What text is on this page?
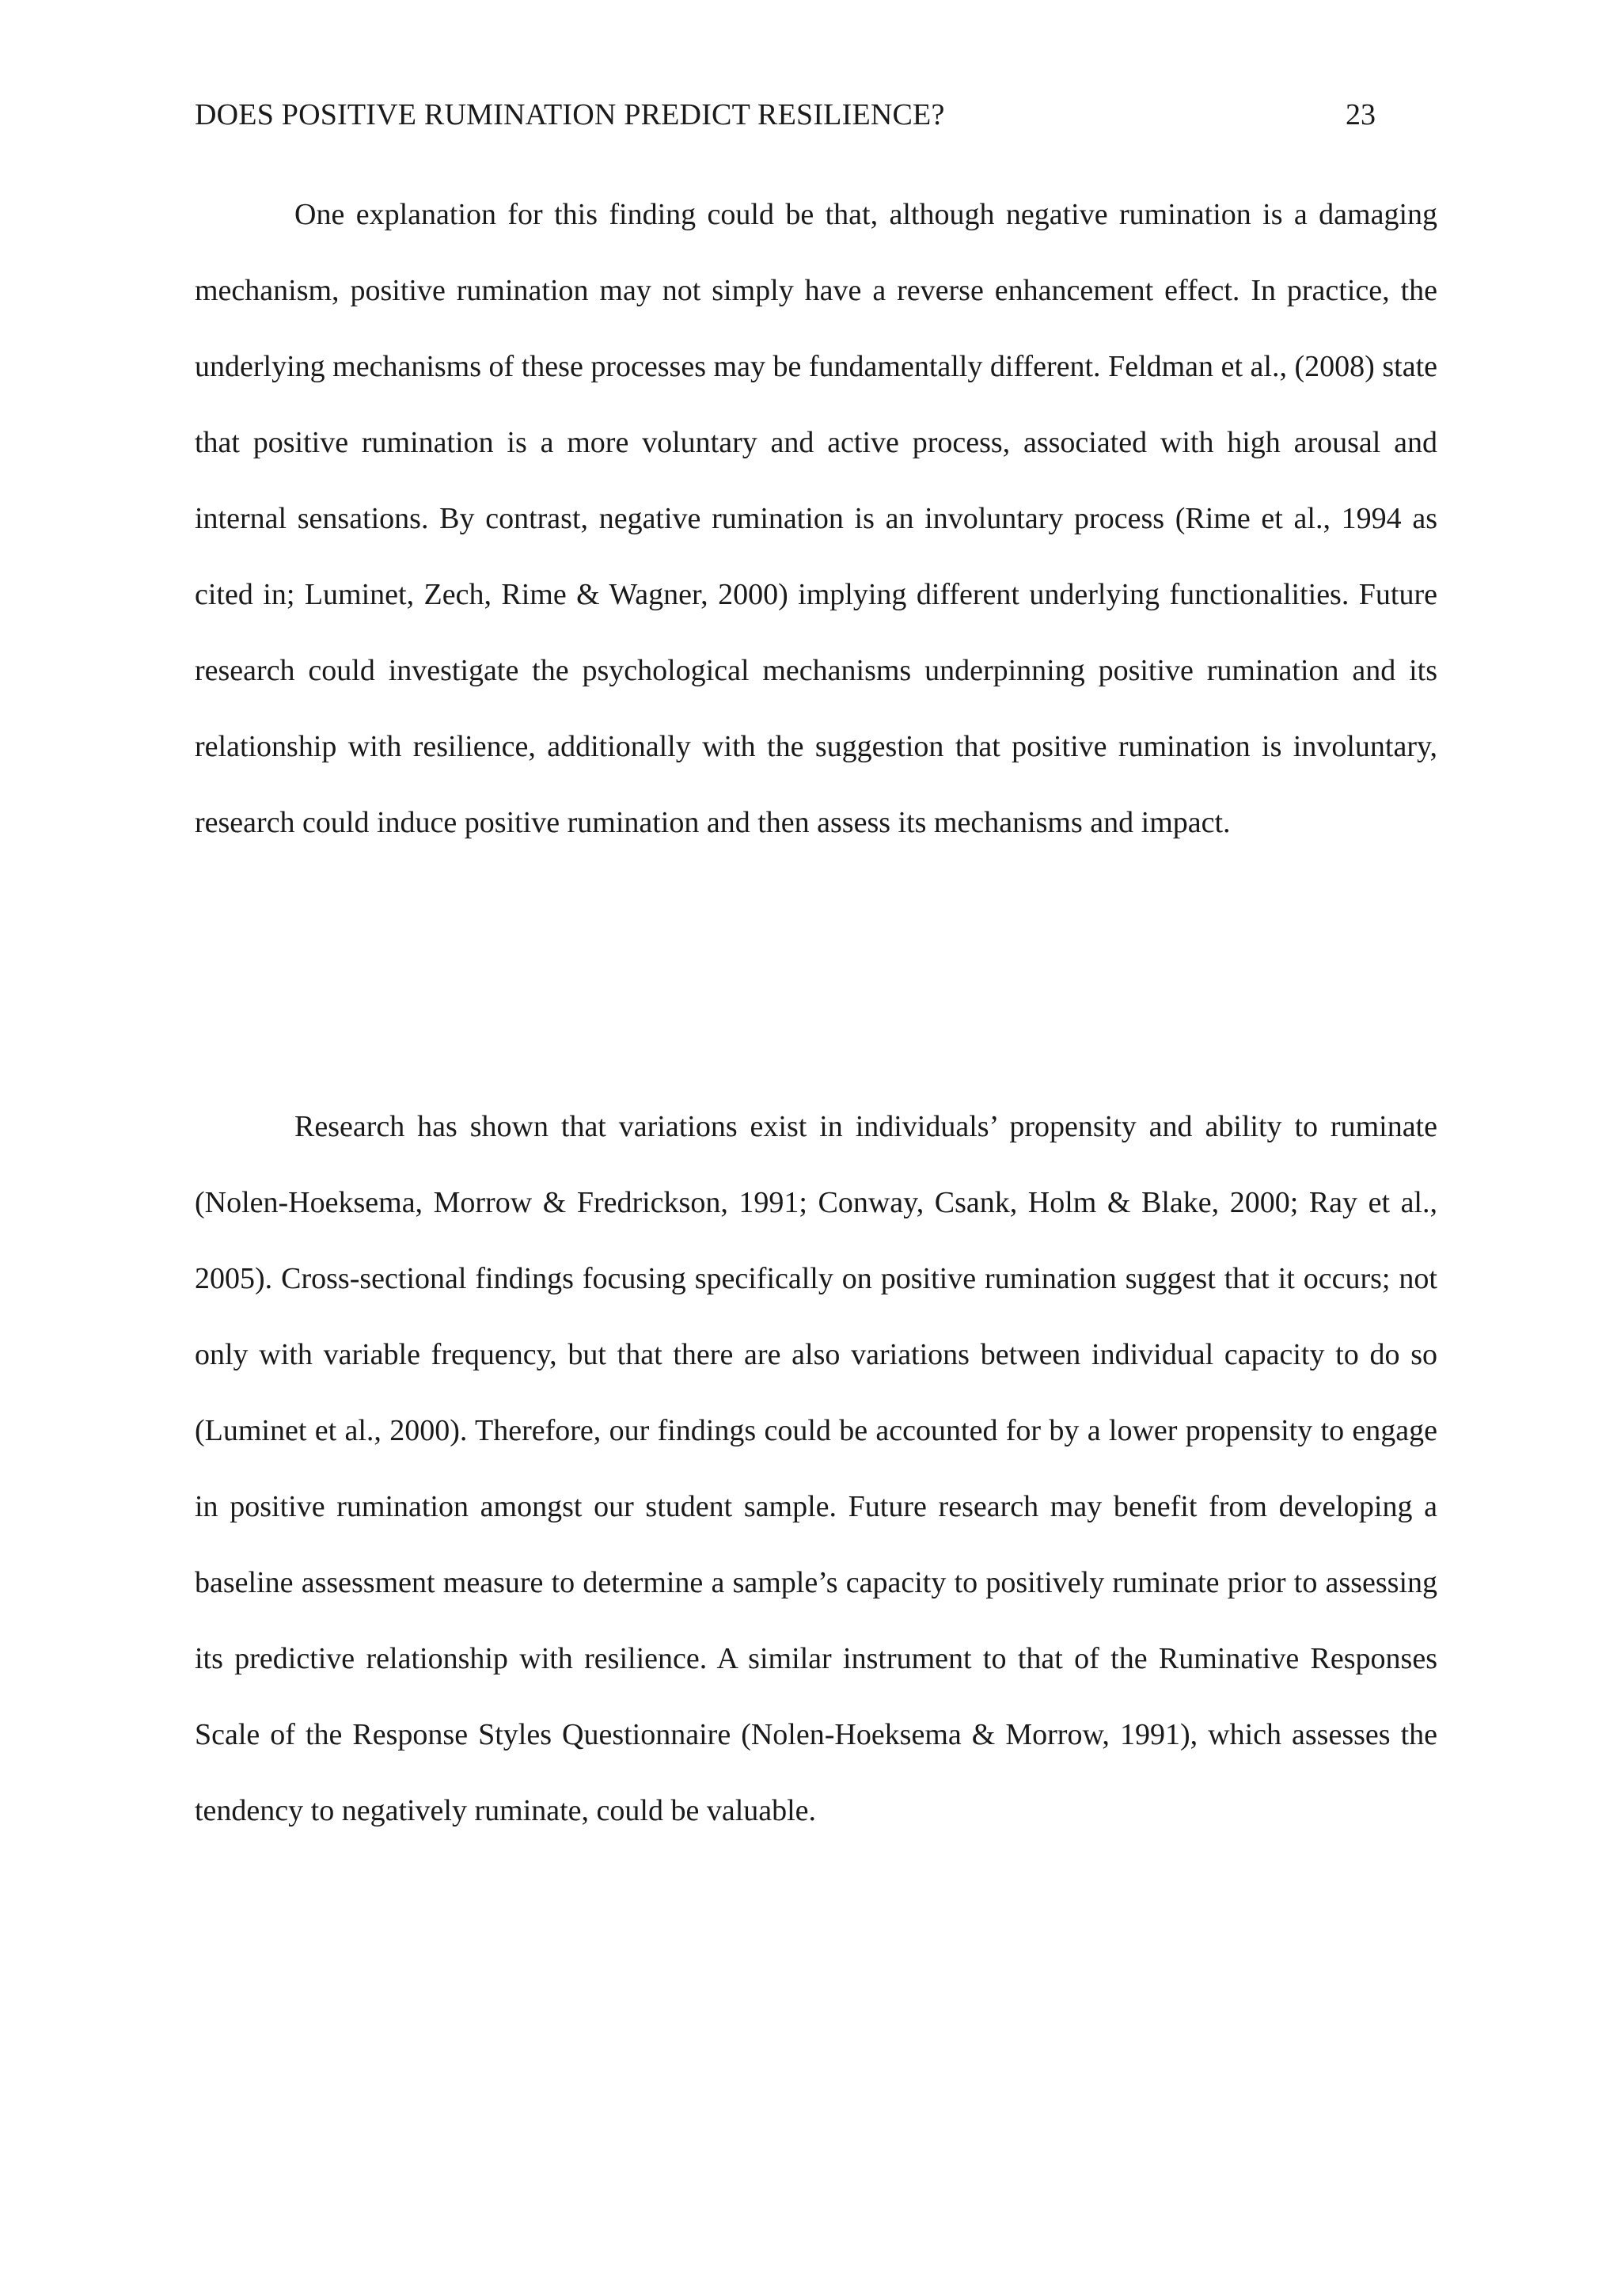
DOES POSITIVE RUMINATION PREDICT RESILIENCE?	23

One explanation for this finding could be that, although negative rumination is a damaging mechanism, positive rumination may not simply have a reverse enhancement effect. In practice, the underlying mechanisms of these processes may be fundamentally different. Feldman et al., (2008) state that positive rumination is a more voluntary and active process, associated with high arousal and internal sensations. By contrast, negative rumination is an involuntary process (Rime et al., 1994 as cited in; Luminet, Zech, Rime & Wagner, 2000) implying different underlying functionalities. Future research could investigate the psychological mechanisms underpinning positive rumination and its relationship with resilience, additionally with the suggestion that positive rumination is involuntary, research could induce positive rumination and then assess its mechanisms and impact.

Research has shown that variations exist in individuals’ propensity and ability to ruminate (Nolen-Hoeksema, Morrow & Fredrickson, 1991; Conway, Csank, Holm & Blake, 2000; Ray et al., 2005). Cross-sectional findings focusing specifically on positive rumination suggest that it occurs; not only with variable frequency, but that there are also variations between individual capacity to do so (Luminet et al., 2000). Therefore, our findings could be accounted for by a lower propensity to engage in positive rumination amongst our student sample. Future research may benefit from developing a baseline assessment measure to determine a sample’s capacity to positively ruminate prior to assessing its predictive relationship with resilience. A similar instrument to that of the Ruminative Responses Scale of the Response Styles Questionnaire (Nolen-Hoeksema & Morrow, 1991), which assesses the tendency to negatively ruminate, could be valuable.
